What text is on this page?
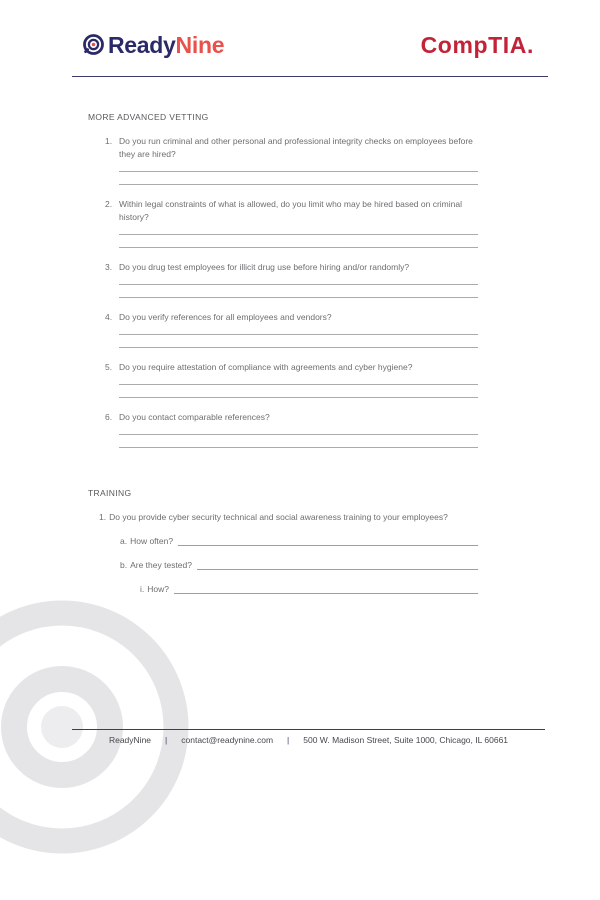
ReadyNine	CompTIA.
MORE ADVANCED VETTING
1. Do you run criminal and other personal and professional integrity checks on employees before they are hired?
2. Within legal constraints of what is allowed, do you limit who may be hired based on criminal history?
3. Do you drug test employees for illicit drug use before hiring and/or randomly?
4. Do you verify references for all employees and vendors?
5. Do you require attestation of compliance with agreements and cyber hygiene?
6. Do you contact comparable references?
TRAINING
1. Do you provide cyber security technical and social awareness training to your employees?
a. How often?
b. Are they tested?
i. How?
ReadyNine | contact@readynine.com | 500 W. Madison Street, Suite 1000, Chicago, IL 60661
